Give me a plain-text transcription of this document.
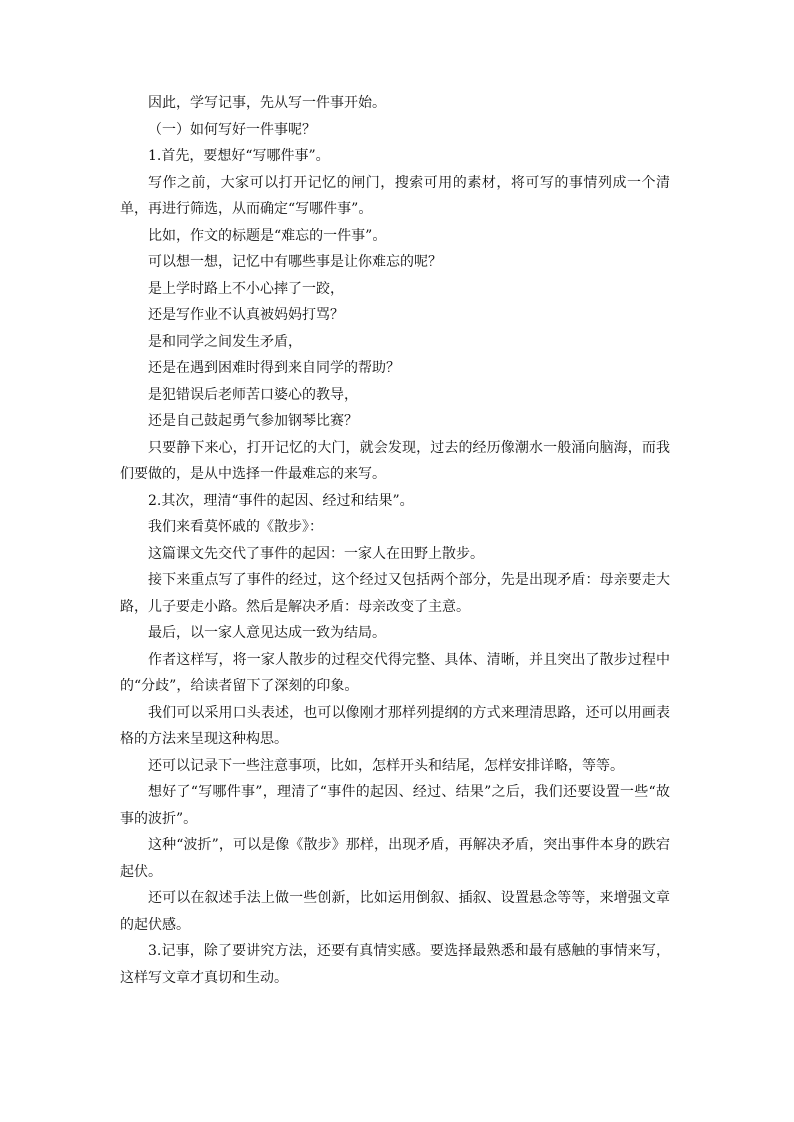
因此，学写记事，先从写一件事开始。

（一）如何写好一件事呢？

1.首先，要想好“写哪件事”。

写作之前，大家可以打开记忆的闸门，搜索可用的素材，将可写的事情列成一个清单，再进行筛选，从而确定“写哪件事”。

比如，作文的标题是“难忘的一件事”。

可以想一想，记忆中有哪些事是让你难忘的呢？

是上学时路上不小心摔了一跤，

还是写作业不认真被妈妈打骂？

是和同学之间发生矛盾，

还是在遇到困难时得到来自同学的帮助？

是犯错误后老师苦口婆心的教导，

还是自己鼓起勇气参加钢琴比赛？

只要静下来心，打开记忆的大门，就会发现，过去的经历像潮水一般涌向脑海，而我们要做的，是从中选择一件最难忘的来写。

2.其次，理清“事件的起因、经过和结果”。

我们来看莫怀戚的《散步》：

这篇课文先交代了事件的起因：一家人在田野上散步。

接下来重点写了事件的经过，这个经过又包括两个部分，先是出现矛盾：母亲要走大路，儿子要走小路。然后是解决矛盾：母亲改变了主意。

最后，以一家人意见达成一致为结局。

作者这样写，将一家人散步的过程交代得完整、具体、清晰，并且突出了散步过程中的“分歧”，给读者留下了深刻的印象。

我们可以采用口头表述，也可以像刚才那样列提纲的方式来理清思路，还可以用画表格的方法来呈现这种构思。

还可以记录下一些注意事项，比如，怎样开头和结尾，怎样安排详略，等等。

想好了“写哪件事”，理清了“事件的起因、经过、结果”之后，我们还要设置一些“故事的波折”。

这种“波折”，可以是像《散步》那样，出现矛盾，再解决矛盾，突出事件本身的跌宕起伏。

还可以在叙述手法上做一些创新，比如运用倒叙、插叙、设置悬念等等，来增强文章的起伏感。

3.记事，除了要讲究方法，还要有真情实感。要选择最熟悉和最有感触的事情来写，这样写文章才真切和生动。
